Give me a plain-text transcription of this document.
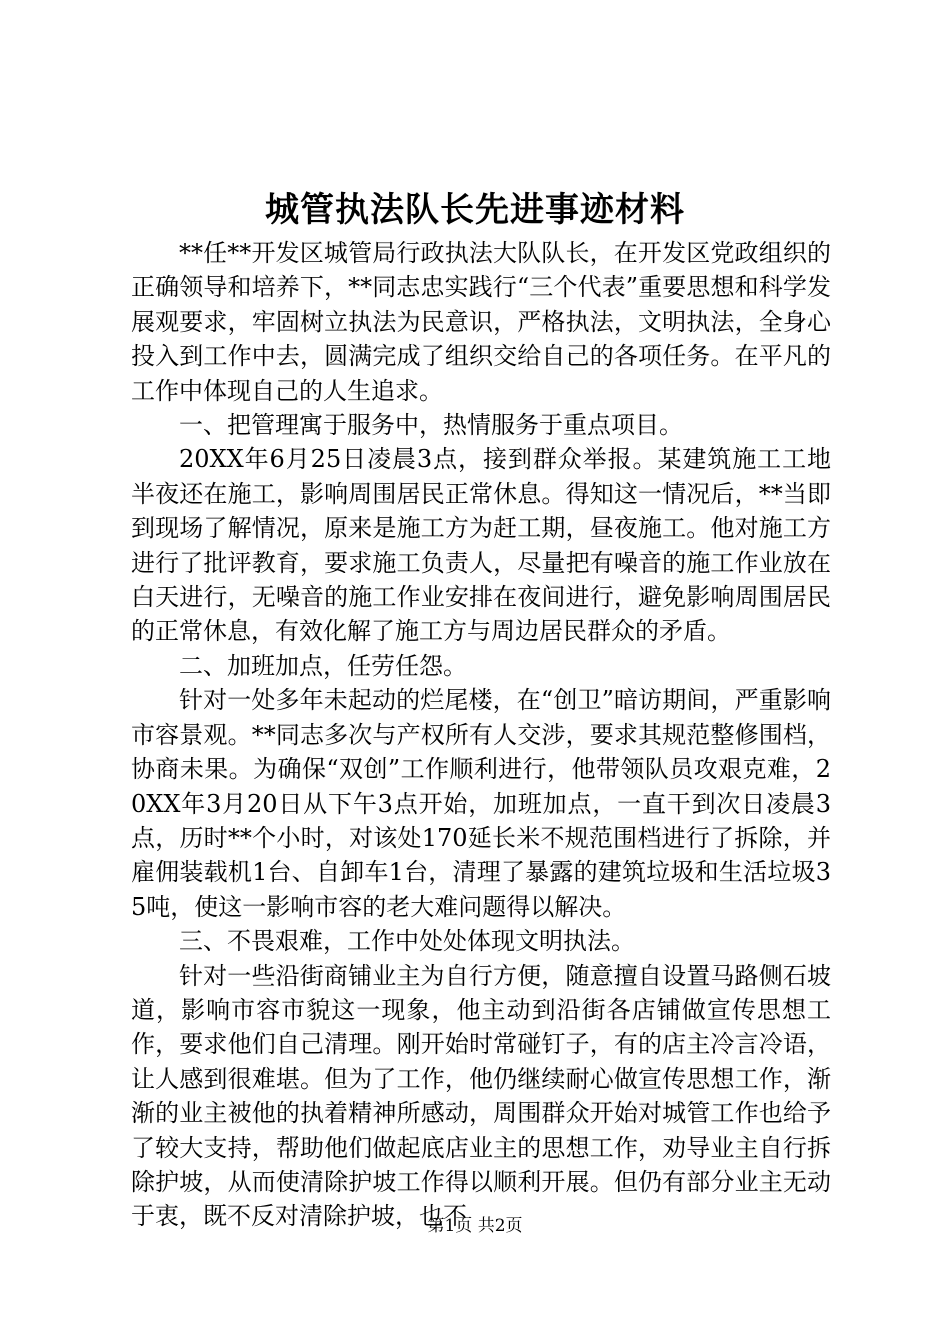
城管执法队长先进事迹材料

**任**开发区城管局行政执法大队队长，在开发区党政组织的正确领导和培养下，**同志忠实践行“三个代表”重要思想和科学发展观要求，牢固树立执法为民意识，严格执法，文明执法，全身心投入到工作中去，圆满完成了组织交给自己的各项任务。在平凡的工作中体现自己的人生追求。

一、把管理寓于服务中，热情服务于重点项目。

20XX年6月25日凌晨3点，接到群众举报。某建筑施工工地半夜还在施工，影响周围居民正常休息。得知这一情况后，**当即到现场了解情况，原来是施工方为赶工期，昼夜施工。他对施工方进行了批评教育，要求施工负责人，尽量把有噪音的施工作业放在白天进行，无噪音的施工作业安排在夜间进行，避免影响周围居民的正常休息，有效化解了施工方与周边居民群众的矛盾。

二、加班加点，任劳任怨。

针对一处多年未起动的烂尾楼，在“创卫”暗访期间，严重影响市容景观。**同志多次与产权所有人交涉，要求其规范整修围档，协商未果。为确保“双创”工作顺利进行，他带领队员攻艰克难，20XX年3月20日从下午3点开始，加班加点，一直干到次日凌晨3点，历时**个小时，对该处170延长米不规范围档进行了拆除，并雇佣装载机1台、自卸车1台，清理了暴露的建筑垃圾和生活垃圾35吨，使这一影响市容的老大难问题得以解决。

三、不畏艰难，工作中处处体现文明执法。

针对一些沿街商铺业主为自行方便，随意擅自设置马路侧石坡道，影响市容市貌这一现象，他主动到沿街各店铺做宣传思想工作，要求他们自己清理。刚开始时常碰钉子，有的店主冷言冷语，让人感到很难堪。但为了工作，他仍继续耐心做宣传思想工作，渐渐的业主被他的执着精神所感动，周围群众开始对城管工作也给予了较大支持，帮助他们做起底店业主的思想工作，劝导业主自行拆除护坡，从而使清除护坡工作得以顺利开展。但仍有部分业主无动于衷，既不反对清除护坡，也不

第1页 共2页
